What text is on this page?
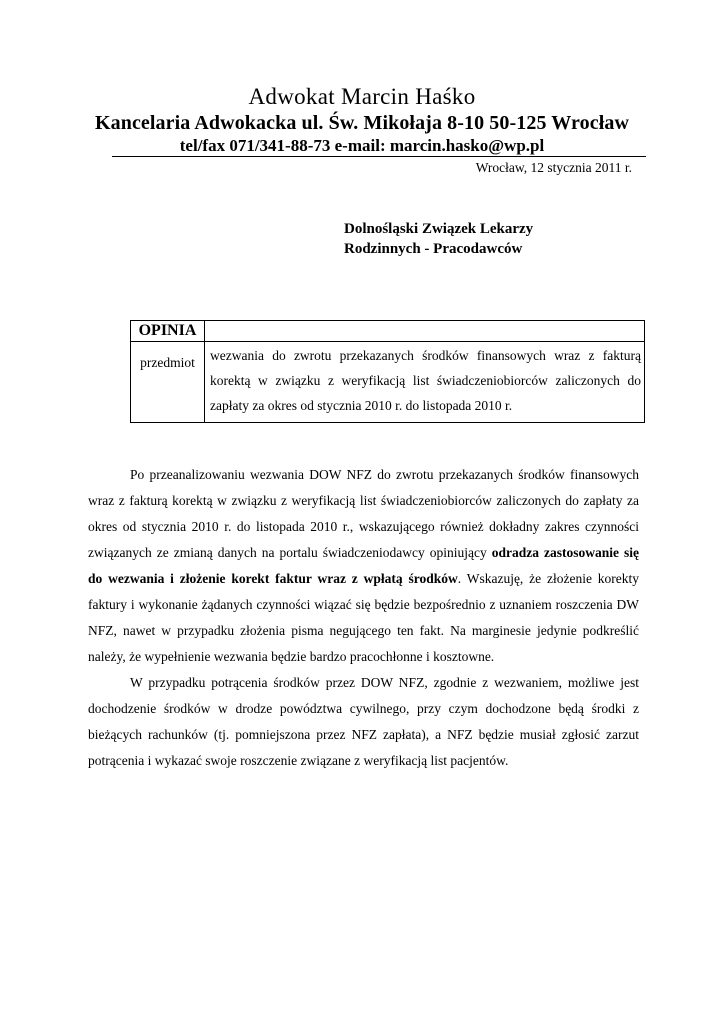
Adwokat Marcin Haśko
Kancelaria Adwokacka ul. Św. Mikołaja 8-10 50-125 Wrocław
tel/fax 071/341-88-73 e-mail: marcin.hasko@wp.pl
Wrocław, 12 stycznia 2011 r.
Dolnośląski Związek Lekarzy
Rodzinnych - Pracodawców
OPINIA	
przedmiot	wezwania do zwrotu przekazanych środków finansowych wraz z fakturą korektą w związku z weryfikacją list świadczeniobiorców zaliczonych do zapłaty za okres od stycznia 2010 r. do listopada 2010 r.

Po przeanalizowaniu wezwania DOW NFZ do zwrotu przekazanych środków finansowych wraz z fakturą korektą w związku z weryfikacją list świadczeniobiorców zaliczonych do zapłaty za okres od stycznia 2010 r. do listopada 2010 r., wskazującego również dokładny zakres czynności związanych ze zmianą danych na portalu świadczeniodawcy opiniujący odradza zastosowanie się do wezwania i złożenie korekt faktur wraz z wpłatą środków. Wskazuję, że złożenie korekty faktury i wykonanie żądanych czynności wiązać się będzie bezpośrednio z uznaniem roszczenia DW NFZ, nawet w przypadku złożenia pisma negującego ten fakt. Na marginesie jedynie podkreślić należy, że wypełnienie wezwania będzie bardzo pracochłonne i kosztowne.

W przypadku potrącenia środków przez DOW NFZ, zgodnie z wezwaniem, możliwe jest dochodzenie środków w drodze powództwa cywilnego, przy czym dochodzone będą środki z bieżących rachunków (tj. pomniejszona przez NFZ zapłata), a NFZ będzie musiał zgłosić zarzut potrącenia i wykazać swoje roszczenie związane z weryfikacją list pacjentów.
